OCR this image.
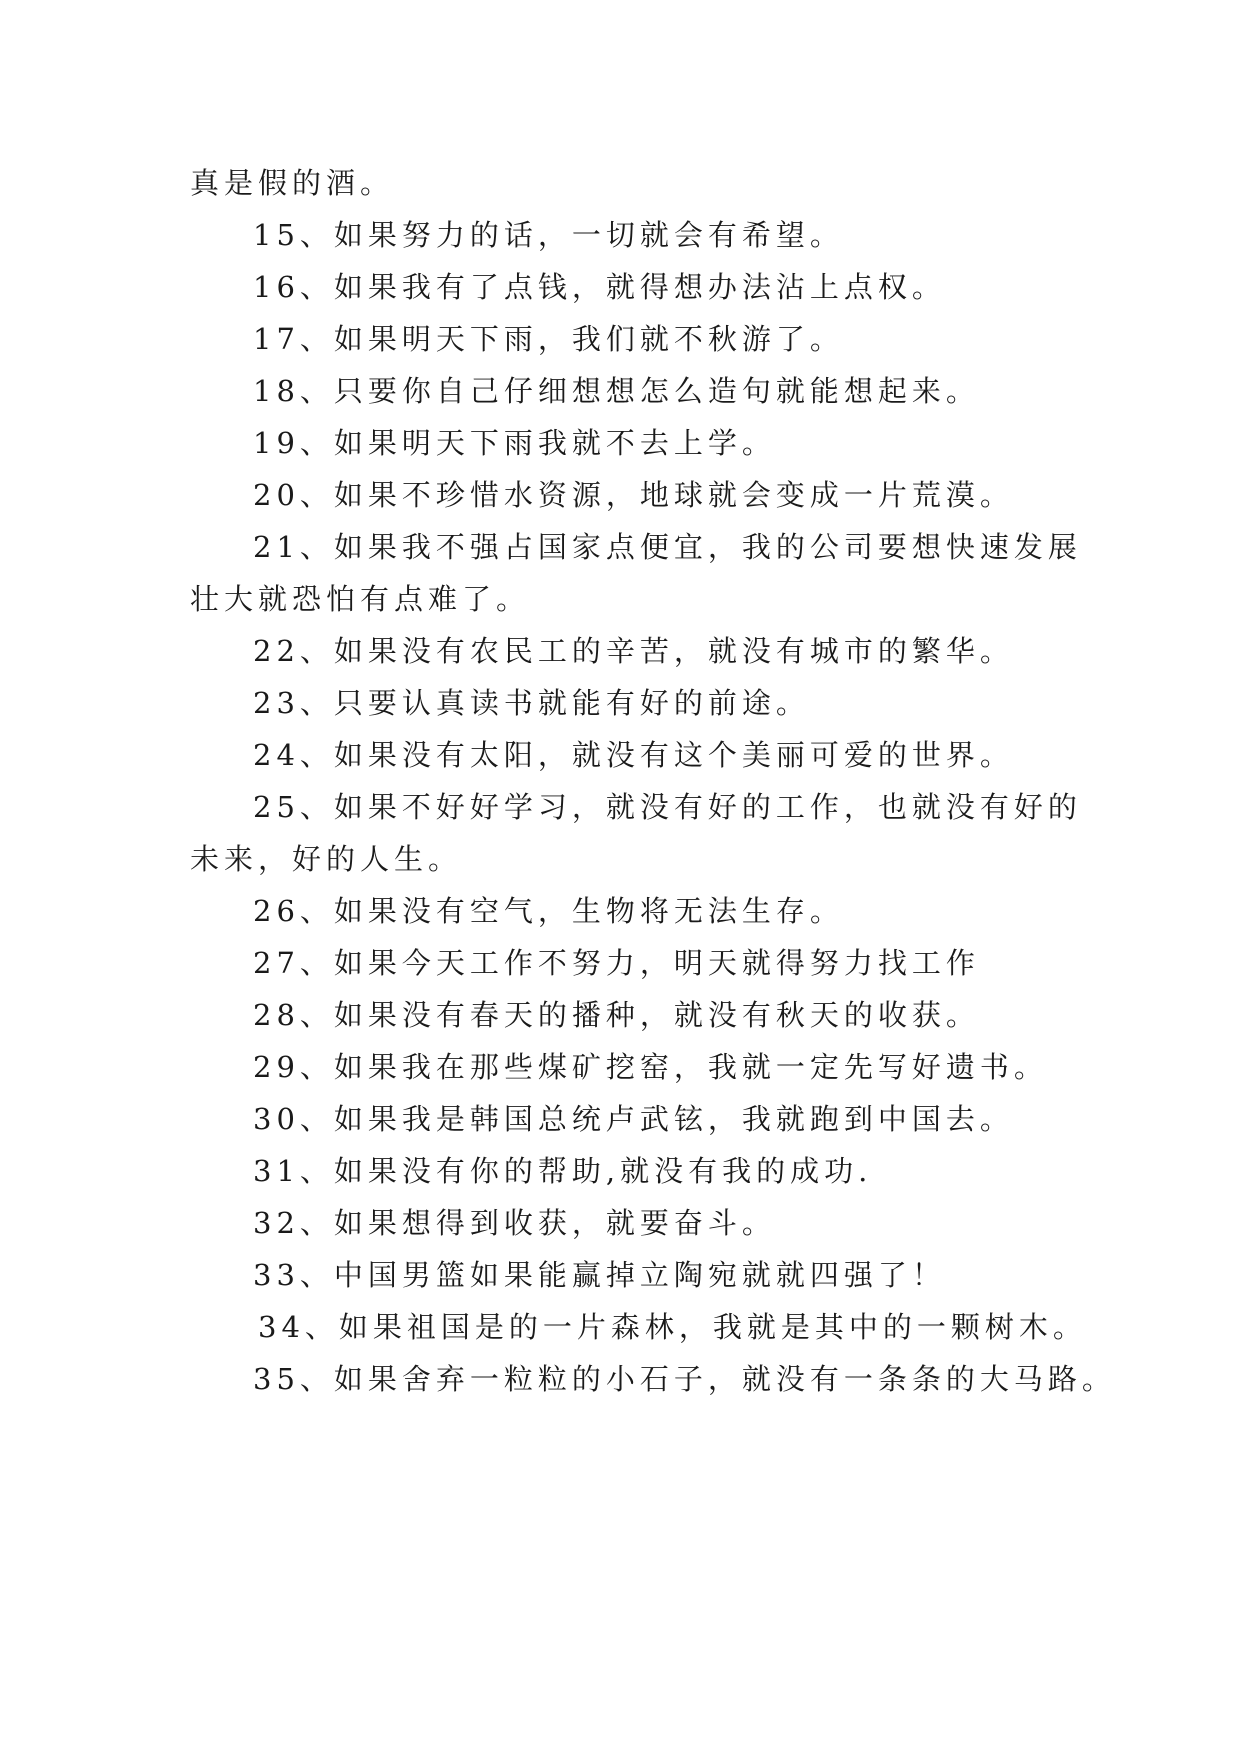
真是假的酒。
15、如果努力的话，一切就会有希望。
16、如果我有了点钱，就得想办法沾上点权。
17、如果明天下雨，我们就不秋游了。
18、只要你自己仔细想想怎么造句就能想起来。
19、如果明天下雨我就不去上学。
20、如果不珍惜水资源，地球就会变成一片荒漠。
21、如果我不强占国家点便宜，我的公司要想快速发展
壮大就恐怕有点难了。
22、如果没有农民工的辛苦，就没有城市的繁华。
23、只要认真读书就能有好的前途。
24、如果没有太阳，就没有这个美丽可爱的世界。
25、如果不好好学习，就没有好的工作，也就没有好的
未来，好的人生。
26、如果没有空气，生物将无法生存。
27、如果今天工作不努力，明天就得努力找工作
28、如果没有春天的播种，就没有秋天的收获。
29、如果我在那些煤矿挖窑，我就一定先写好遗书。
30、如果我是韩国总统卢武铉，我就跑到中国去。
31、如果没有你的帮助,就没有我的成功.
32、如果想得到收获，就要奋斗。
33、中国男篮如果能赢掉立陶宛就就四强了！
34、如果祖国是的一片森林，我就是其中的一颗树木。
35、如果舍弃一粒粒的小石子，就没有一条条的大马路。
